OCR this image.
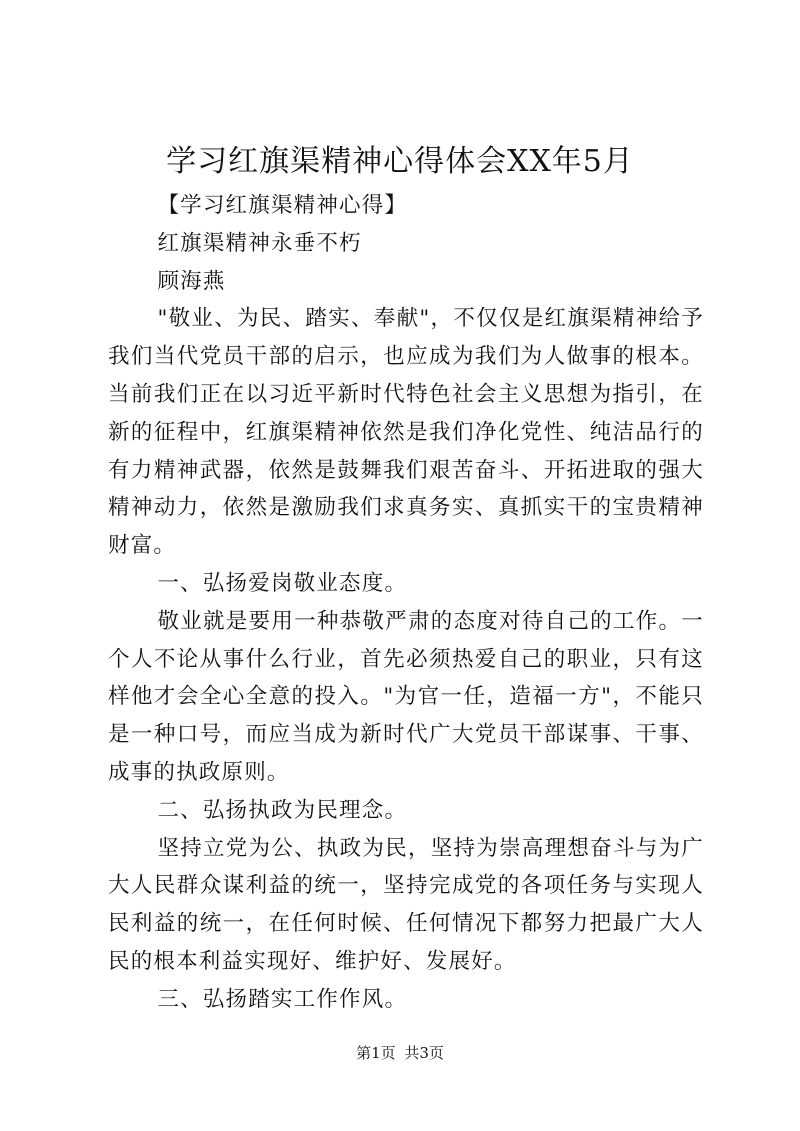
学习红旗渠精神心得体会XX年5月

【学习红旗渠精神心得】

红旗渠精神永垂不朽

顾海燕

"敬业、为民、踏实、奉献"，不仅仅是红旗渠精神给予我们当代党员干部的启示，也应成为我们为人做事的根本。当前我们正在以习近平新时代特色社会主义思想为指引，在新的征程中，红旗渠精神依然是我们净化党性、纯洁品行的有力精神武器，依然是鼓舞我们艰苦奋斗、开拓进取的强大精神动力，依然是激励我们求真务实、真抓实干的宝贵精神财富。

一、弘扬爱岗敬业态度。

敬业就是要用一种恭敬严肃的态度对待自己的工作。一个人不论从事什么行业，首先必须热爱自己的职业，只有这样他才会全心全意的投入。"为官一任，造福一方"，不能只是一种口号，而应当成为新时代广大党员干部谋事、干事、成事的执政原则。

二、弘扬执政为民理念。

坚持立党为公、执政为民，坚持为崇高理想奋斗与为广大人民群众谋利益的统一，坚持完成党的各项任务与实现人民利益的统一，在任何时候、任何情况下都努力把最广大人民的根本利益实现好、维护好、发展好。

三、弘扬踏实工作作风。

第1页 共3页
